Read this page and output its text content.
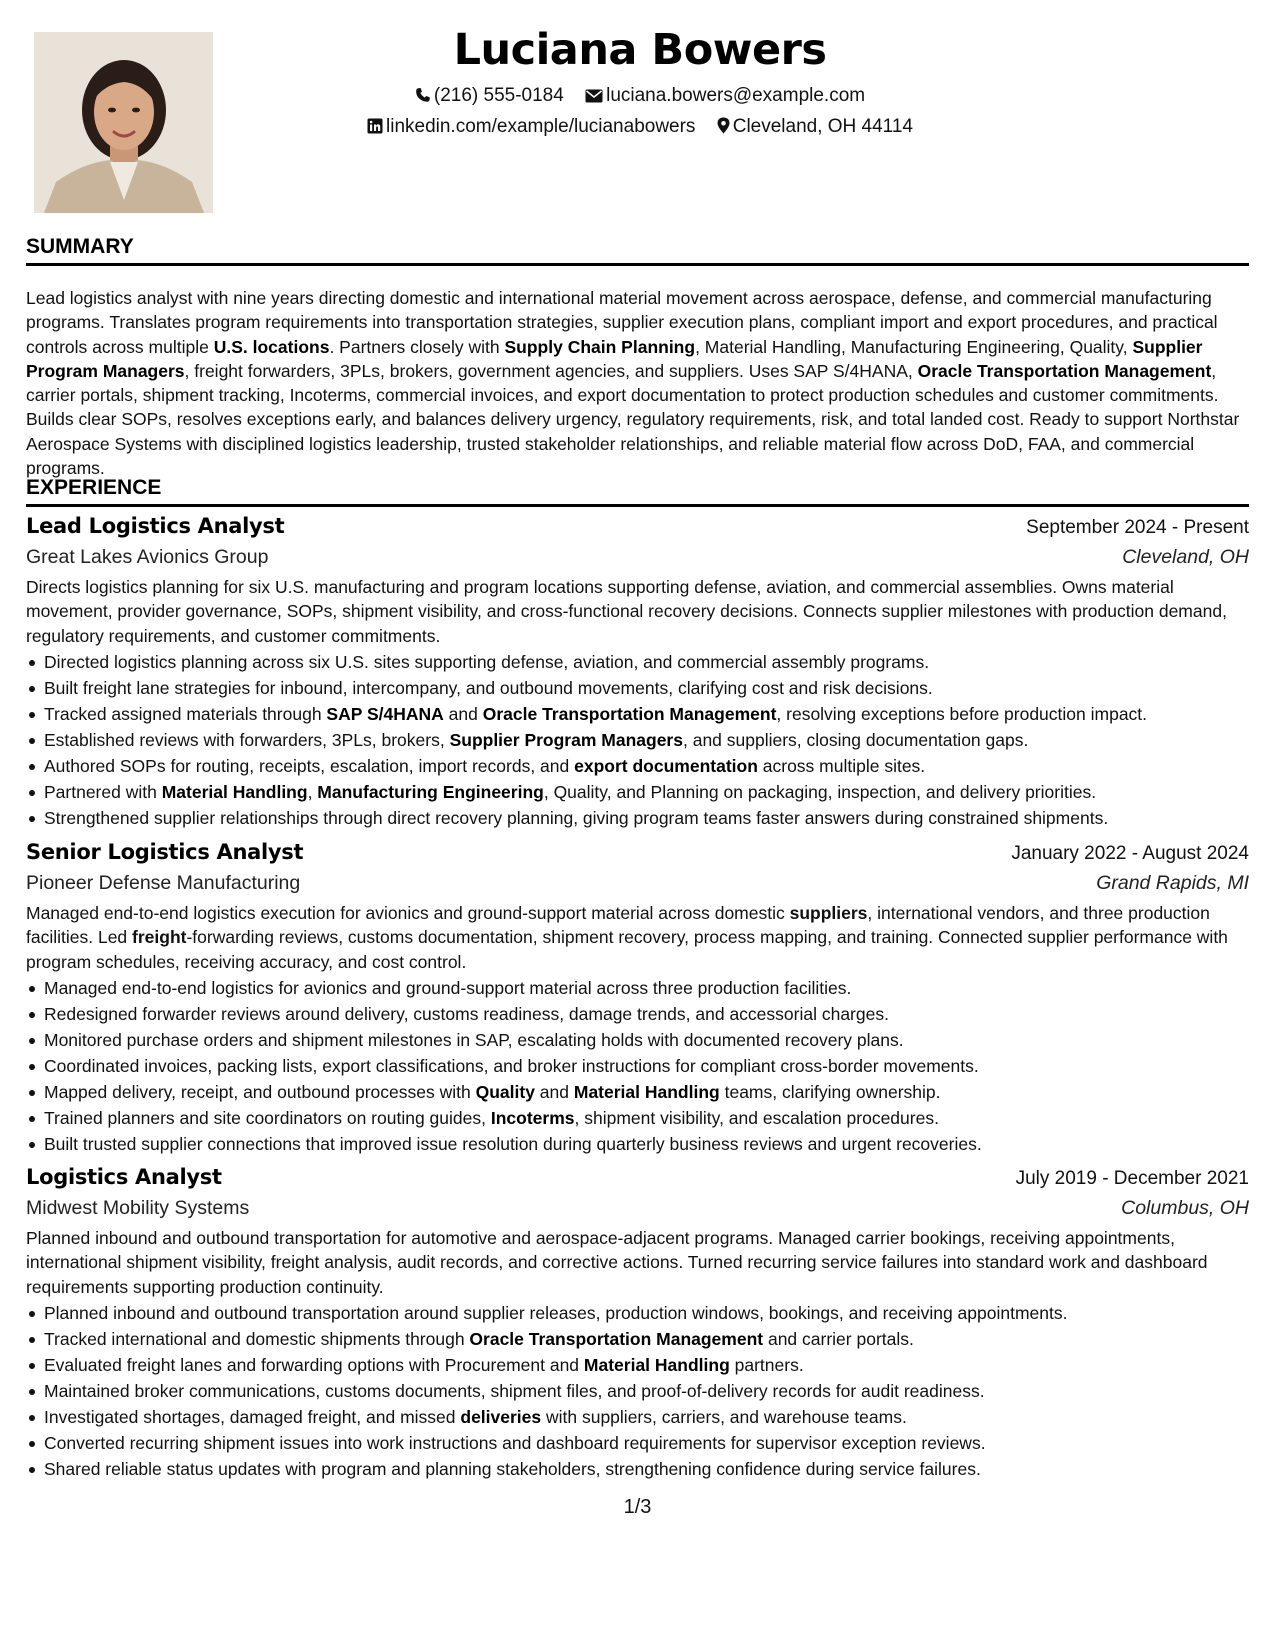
Luciana Bowers
(216) 555-0184 luciana.bowers@example.com
linkedin.com/example/lucianabowers Cleveland, OH 44114
SUMMARY
Lead logistics analyst with nine years directing domestic and international material movement across aerospace, defense, and commercial manufacturing programs. Translates program requirements into transportation strategies, supplier execution plans, compliant import and export procedures, and practical controls across multiple U.S. locations. Partners closely with Supply Chain Planning, Material Handling, Manufacturing Engineering, Quality, Supplier Program Managers, freight forwarders, 3PLs, brokers, government agencies, and suppliers. Uses SAP S/4HANA, Oracle Transportation Management, carrier portals, shipment tracking, Incoterms, commercial invoices, and export documentation to protect production schedules and customer commitments. Builds clear SOPs, resolves exceptions early, and balances delivery urgency, regulatory requirements, risk, and total landed cost. Ready to support Northstar Aerospace Systems with disciplined logistics leadership, trusted stakeholder relationships, and reliable material flow across DoD, FAA, and commercial programs.
EXPERIENCE
Lead Logistics Analyst	September 2024 - Present
Great Lakes Avionics Group	Cleveland, OH
Directs logistics planning for six U.S. manufacturing and program locations supporting defense, aviation, and commercial assemblies. Owns material movement, provider governance, SOPs, shipment visibility, and cross-functional recovery decisions. Connects supplier milestones with production demand, regulatory requirements, and customer commitments.
Directed logistics planning across six U.S. sites supporting defense, aviation, and commercial assembly programs.
Built freight lane strategies for inbound, intercompany, and outbound movements, clarifying cost and risk decisions.
Tracked assigned materials through SAP S/4HANA and Oracle Transportation Management, resolving exceptions before production impact.
Established reviews with forwarders, 3PLs, brokers, Supplier Program Managers, and suppliers, closing documentation gaps.
Authored SOPs for routing, receipts, escalation, import records, and export documentation across multiple sites.
Partnered with Material Handling, Manufacturing Engineering, Quality, and Planning on packaging, inspection, and delivery priorities.
Strengthened supplier relationships through direct recovery planning, giving program teams faster answers during constrained shipments.
Senior Logistics Analyst	January 2022 - August 2024
Pioneer Defense Manufacturing	Grand Rapids, MI
Managed end-to-end logistics execution for avionics and ground-support material across domestic suppliers, international vendors, and three production facilities. Led freight-forwarding reviews, customs documentation, shipment recovery, process mapping, and training. Connected supplier performance with program schedules, receiving accuracy, and cost control.
Managed end-to-end logistics for avionics and ground-support material across three production facilities.
Redesigned forwarder reviews around delivery, customs readiness, damage trends, and accessorial charges.
Monitored purchase orders and shipment milestones in SAP, escalating holds with documented recovery plans.
Coordinated invoices, packing lists, export classifications, and broker instructions for compliant cross-border movements.
Mapped delivery, receipt, and outbound processes with Quality and Material Handling teams, clarifying ownership.
Trained planners and site coordinators on routing guides, Incoterms, shipment visibility, and escalation procedures.
Built trusted supplier connections that improved issue resolution during quarterly business reviews and urgent recoveries.
Logistics Analyst	July 2019 - December 2021
Midwest Mobility Systems	Columbus, OH
Planned inbound and outbound transportation for automotive and aerospace-adjacent programs. Managed carrier bookings, receiving appointments, international shipment visibility, freight analysis, audit records, and corrective actions. Turned recurring service failures into standard work and dashboard requirements supporting production continuity.
Planned inbound and outbound transportation around supplier releases, production windows, bookings, and receiving appointments.
Tracked international and domestic shipments through Oracle Transportation Management and carrier portals.
Evaluated freight lanes and forwarding options with Procurement and Material Handling partners.
Maintained broker communications, customs documents, shipment files, and proof-of-delivery records for audit readiness.
Investigated shortages, damaged freight, and missed deliveries with suppliers, carriers, and warehouse teams.
Converted recurring shipment issues into work instructions and dashboard requirements for supervisor exception reviews.
Shared reliable status updates with program and planning stakeholders, strengthening confidence during service failures.
1/3
